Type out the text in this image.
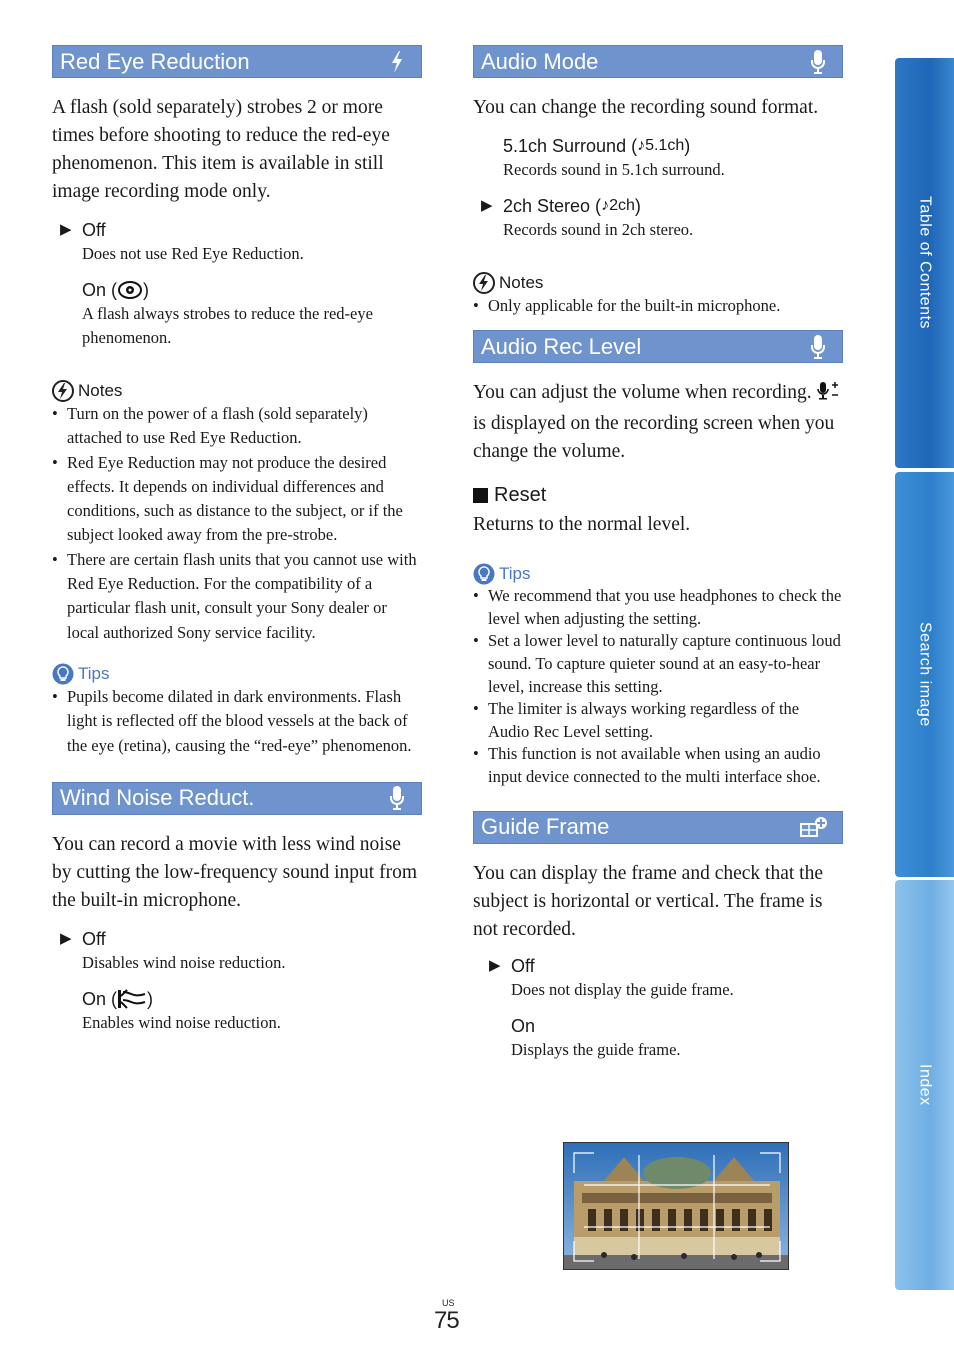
Red Eye Reduction

A flash (sold separately) strobes 2 or more times before shooting to reduce the red-eye phenomenon. This item is available in still image recording mode only.

▶ Off
Does not use Red Eye Reduction.
On ( )
A flash always strobes to reduce the red-eye phenomenon.
Notes
• Turn on the power of a flash (sold separately) attached to use Red Eye Reduction.
• Red Eye Reduction may not produce the desired effects. It depends on individual differences and conditions, such as distance to the subject, or if the subject looked away from the pre-strobe.
• There are certain flash units that you cannot use with Red Eye Reduction. For the compatibility of a particular flash unit, consult your Sony dealer or local authorized Sony service facility.
Tips
• Pupils become dilated in dark environments. Flash light is reflected off the blood vessels at the back of the eye (retina), causing the “red-eye” phenomenon.
Wind Noise Reduct.

You can record a movie with less wind noise by cutting the low-frequency sound input from the built-in microphone.

▶ Off
Disables wind noise reduction.
On ( )
Enables wind noise reduction.
Audio Mode

You can change the recording sound format.

5.1ch Surround ( ♪5.1ch )
Records sound in 5.1ch surround.
▶ 2ch Stereo ( ♪2ch )
Records sound in 2ch stereo.
Notes
• Only applicable for the built-in microphone.
Audio Rec Level

You can adjust the volume when recording.  is displayed on the recording screen when you change the volume.

Reset

Returns to the normal level.

Tips
• We recommend that you use headphones to check the level when adjusting the setting.
• Set a lower level to naturally capture continuous loud sound. To capture quieter sound at an easy-to-hear level, increase this setting.
• The limiter is always working regardless of the Audio Rec Level setting.
• This function is not available when using an audio input device connected to the multi interface shoe.
Guide Frame

You can display the frame and check that the subject is horizontal or vertical. The frame is not recorded.

▶ Off
Does not display the guide frame.
On
Displays the guide frame.
Table of Contents
Search image
Index
US
75
